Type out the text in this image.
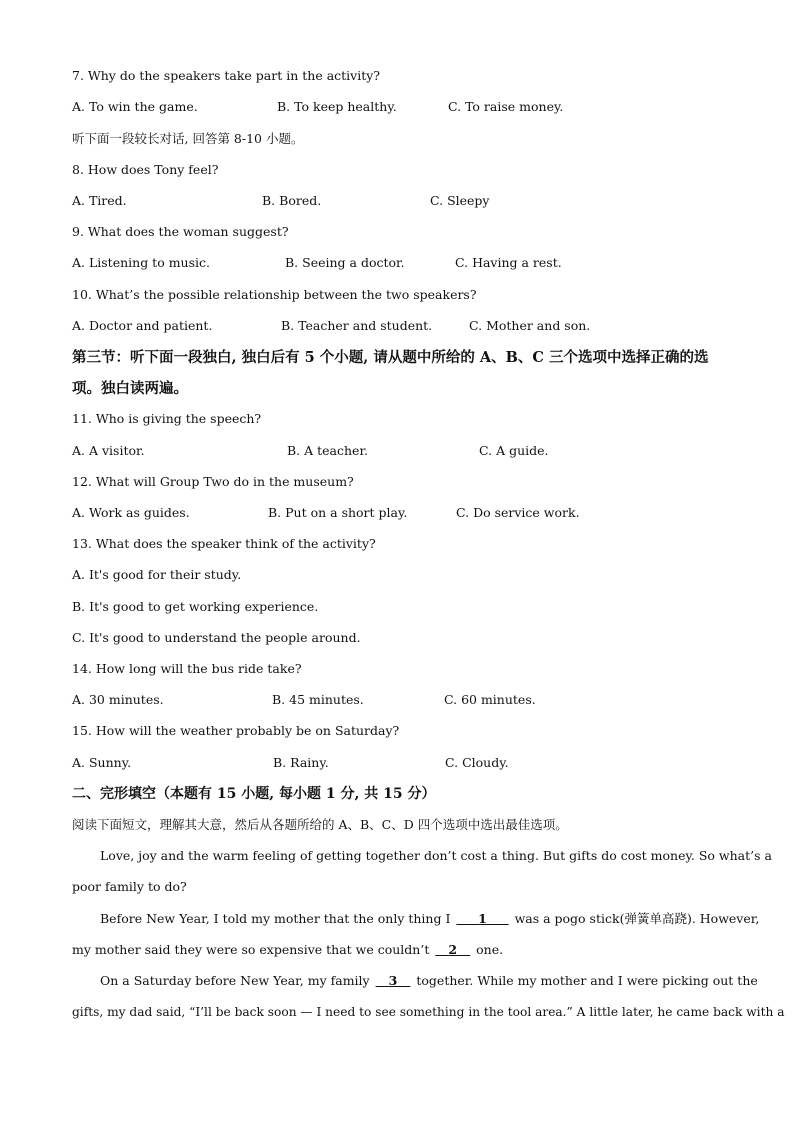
7. Why do the speakers take part in the activity?
A. To win the game.	B. To keep healthy.	C. To raise money.
听下面一段较长对话, 回答第 8-10 小题。
8. How does Tony feel?
A. Tired.	B. Bored.	C. Sleepy
9. What does the woman suggest?
A. Listening to music.	B. Seeing a doctor.	C. Having a rest.
10. What’s the possible relationship between the two speakers?
A. Doctor and patient.	B. Teacher and student.	C. Mother and son.
第三节：听下面一段独白, 独白后有 5 个小题, 请从题中所给的 A、B、C 三个选项中选择正确的选项。独白读两遍。
11. Who is giving the speech?
A. A visitor.	B. A teacher.	C. A guide.
12. What will Group Two do in the museum?
A. Work as guides.	B. Put on a short play.	C. Do service work.
13. What does the speaker think of the activity?
A. It's good for their study.
B. It's good to get working experience.
C. It's good to understand the people around.
14. How long will the bus ride take?
A. 30 minutes.	B. 45 minutes.	C. 60 minutes.
15. How will the weather probably be on Saturday?
A. Sunny.	B. Rainy.	C. Cloudy.
二、完形填空（本题有 15 小题, 每小题 1 分, 共 15 分）
阅读下面短文，理解其大意，然后从各题所给的 A、B、C、D 四个选项中选出最佳选项。
Love, joy and the warm feeling of getting together don’t cost a thing. But gifts do cost money. So what’s a
poor family to do?
Before New Year, I told my mother that the only thing I      1      was a pogo stick(弹簧单高跷). However,
my mother said they were so expensive that we couldn’t    2    one.
On a Saturday before New Year, my family    3    together. While my mother and I were picking out the
gifts, my dad said, “I’ll be back soon — I need to see something in the tool area.” A little later, he came back with a
